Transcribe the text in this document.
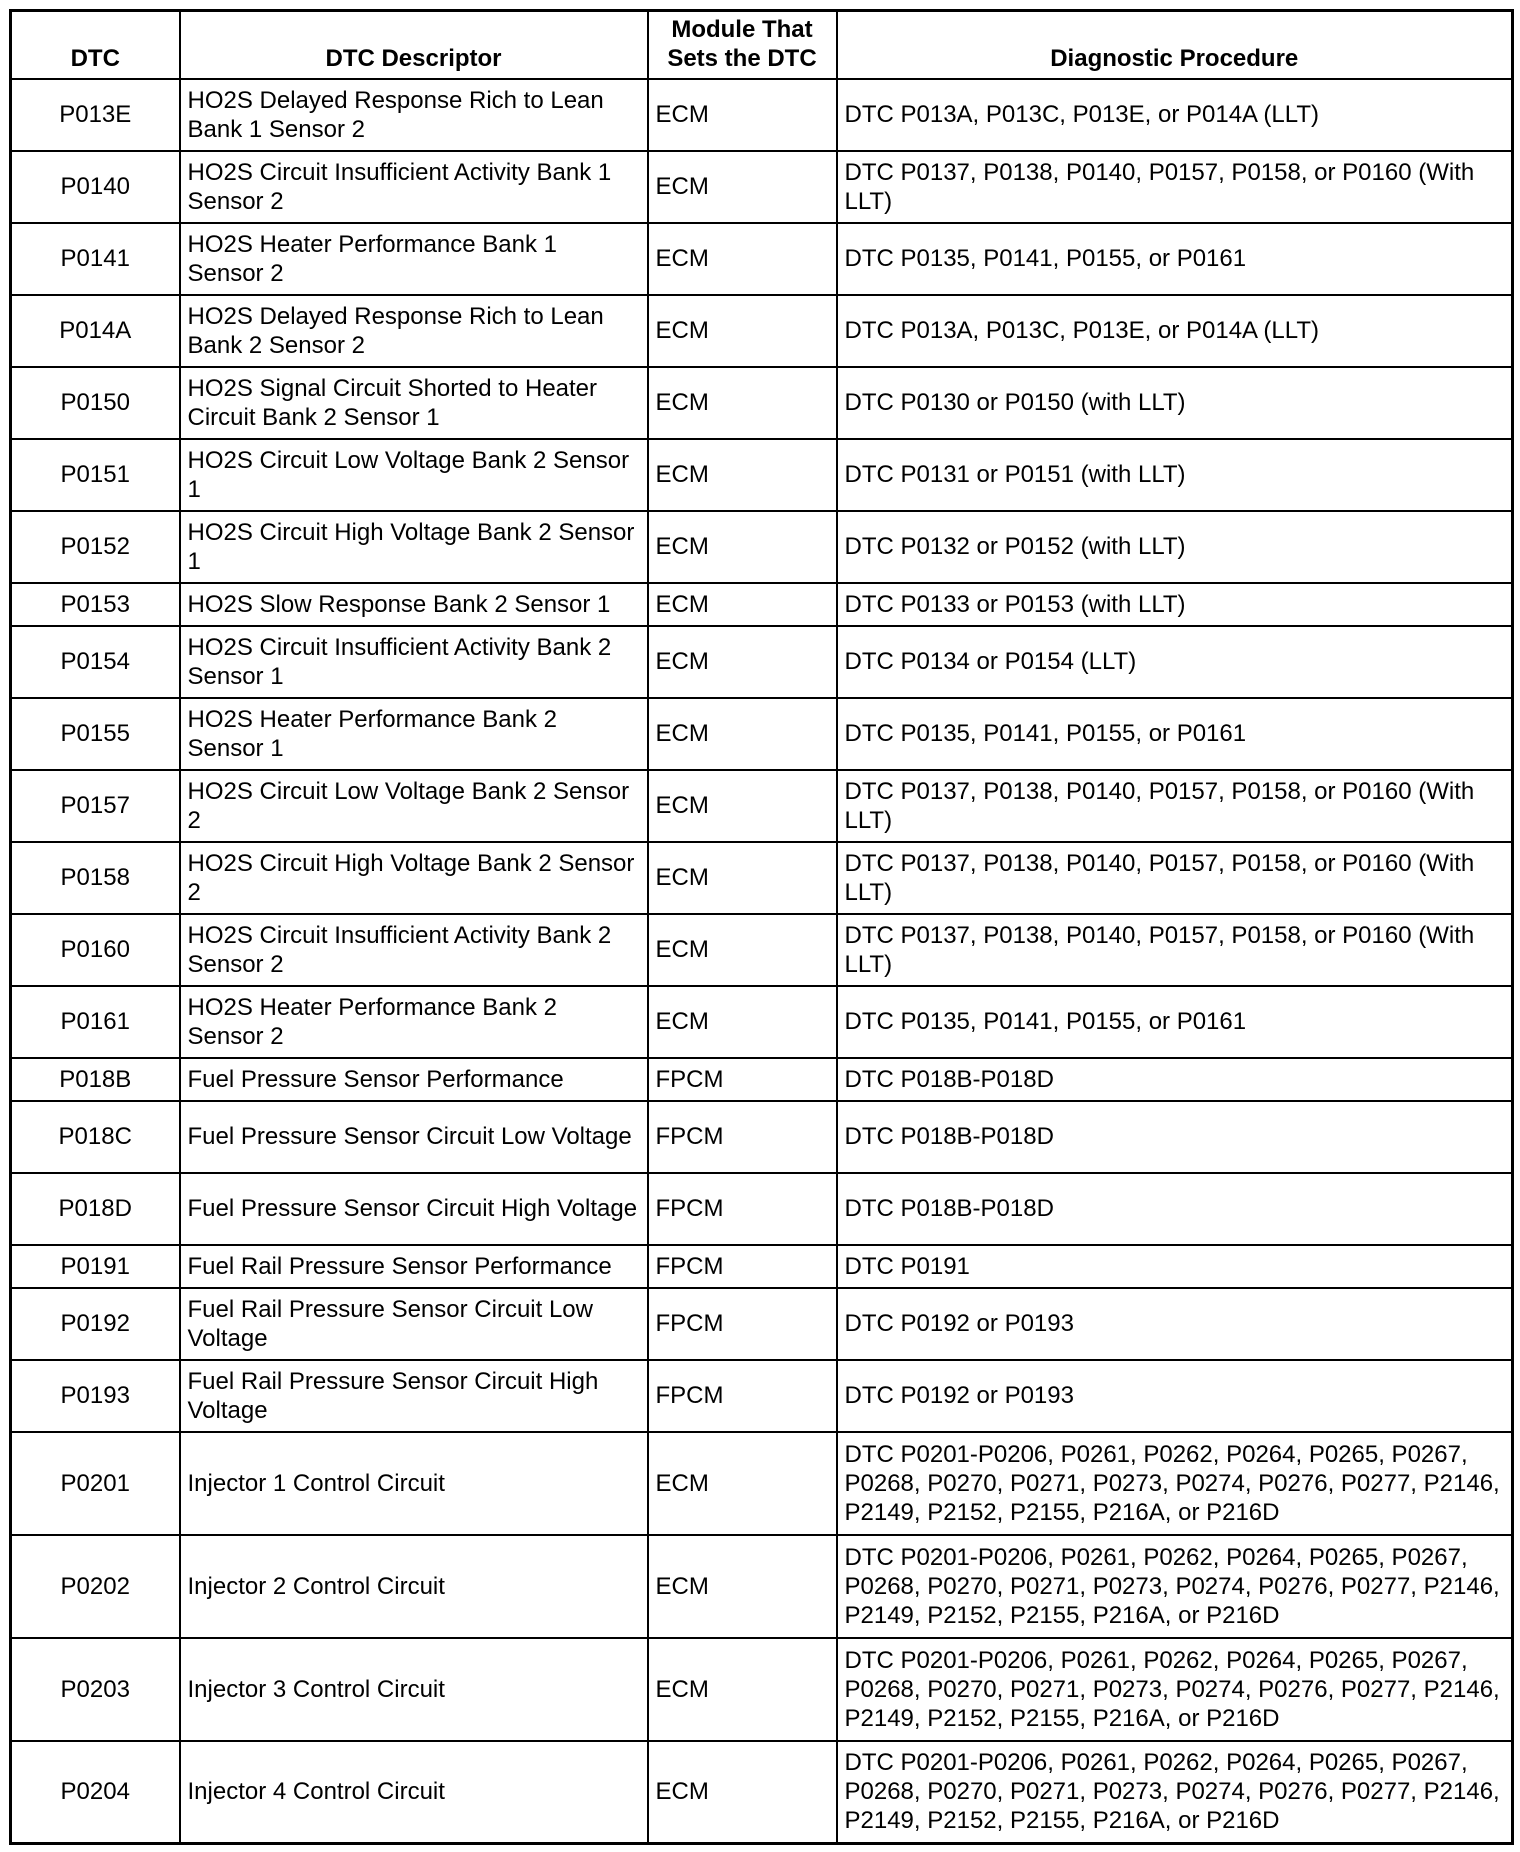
DTC	DTC Descriptor	Module That Sets the DTC	Diagnostic Procedure
P013E	HO2S Delayed Response Rich to Lean Bank 1 Sensor 2	ECM	DTC P013A, P013C, P013E, or P014A (LLT)
P0140	HO2S Circuit Insufficient Activity Bank 1 Sensor 2	ECM	DTC P0137, P0138, P0140, P0157, P0158, or P0160 (With LLT)
P0141	HO2S Heater Performance Bank 1 Sensor 2	ECM	DTC P0135, P0141, P0155, or P0161
P014A	HO2S Delayed Response Rich to Lean Bank 2 Sensor 2	ECM	DTC P013A, P013C, P013E, or P014A (LLT)
P0150	HO2S Signal Circuit Shorted to Heater Circuit Bank 2 Sensor 1	ECM	DTC P0130 or P0150 (with LLT)
P0151	HO2S Circuit Low Voltage Bank 2 Sensor 1	ECM	DTC P0131 or P0151 (with LLT)
P0152	HO2S Circuit High Voltage Bank 2 Sensor 1	ECM	DTC P0132 or P0152 (with LLT)
P0153	HO2S Slow Response Bank 2 Sensor 1	ECM	DTC P0133 or P0153 (with LLT)
P0154	HO2S Circuit Insufficient Activity Bank 2 Sensor 1	ECM	DTC P0134 or P0154 (LLT)
P0155	HO2S Heater Performance Bank 2 Sensor 1	ECM	DTC P0135, P0141, P0155, or P0161
P0157	HO2S Circuit Low Voltage Bank 2 Sensor 2	ECM	DTC P0137, P0138, P0140, P0157, P0158, or P0160 (With LLT)
P0158	HO2S Circuit High Voltage Bank 2 Sensor 2	ECM	DTC P0137, P0138, P0140, P0157, P0158, or P0160 (With LLT)
P0160	HO2S Circuit Insufficient Activity Bank 2 Sensor 2	ECM	DTC P0137, P0138, P0140, P0157, P0158, or P0160 (With LLT)
P0161	HO2S Heater Performance Bank 2 Sensor 2	ECM	DTC P0135, P0141, P0155, or P0161
P018B	Fuel Pressure Sensor Performance	FPCM	DTC P018B-P018D
P018C	Fuel Pressure Sensor Circuit Low Voltage	FPCM	DTC P018B-P018D
P018D	Fuel Pressure Sensor Circuit High Voltage	FPCM	DTC P018B-P018D
P0191	Fuel Rail Pressure Sensor Performance	FPCM	DTC P0191
P0192	Fuel Rail Pressure Sensor Circuit Low Voltage	FPCM	DTC P0192 or P0193
P0193	Fuel Rail Pressure Sensor Circuit High Voltage	FPCM	DTC P0192 or P0193
P0201	Injector 1 Control Circuit	ECM	DTC P0201-P0206, P0261, P0262, P0264, P0265, P0267, P0268, P0270, P0271, P0273, P0274, P0276, P0277, P2146, P2149, P2152, P2155, P216A, or P216D
P0202	Injector 2 Control Circuit	ECM	DTC P0201-P0206, P0261, P0262, P0264, P0265, P0267, P0268, P0270, P0271, P0273, P0274, P0276, P0277, P2146, P2149, P2152, P2155, P216A, or P216D
P0203	Injector 3 Control Circuit	ECM	DTC P0201-P0206, P0261, P0262, P0264, P0265, P0267, P0268, P0270, P0271, P0273, P0274, P0276, P0277, P2146, P2149, P2152, P2155, P216A, or P216D
P0204	Injector 4 Control Circuit	ECM	DTC P0201-P0206, P0261, P0262, P0264, P0265, P0267, P0268, P0270, P0271, P0273, P0274, P0276, P0277, P2146, P2149, P2152, P2155, P216A, or P216D
